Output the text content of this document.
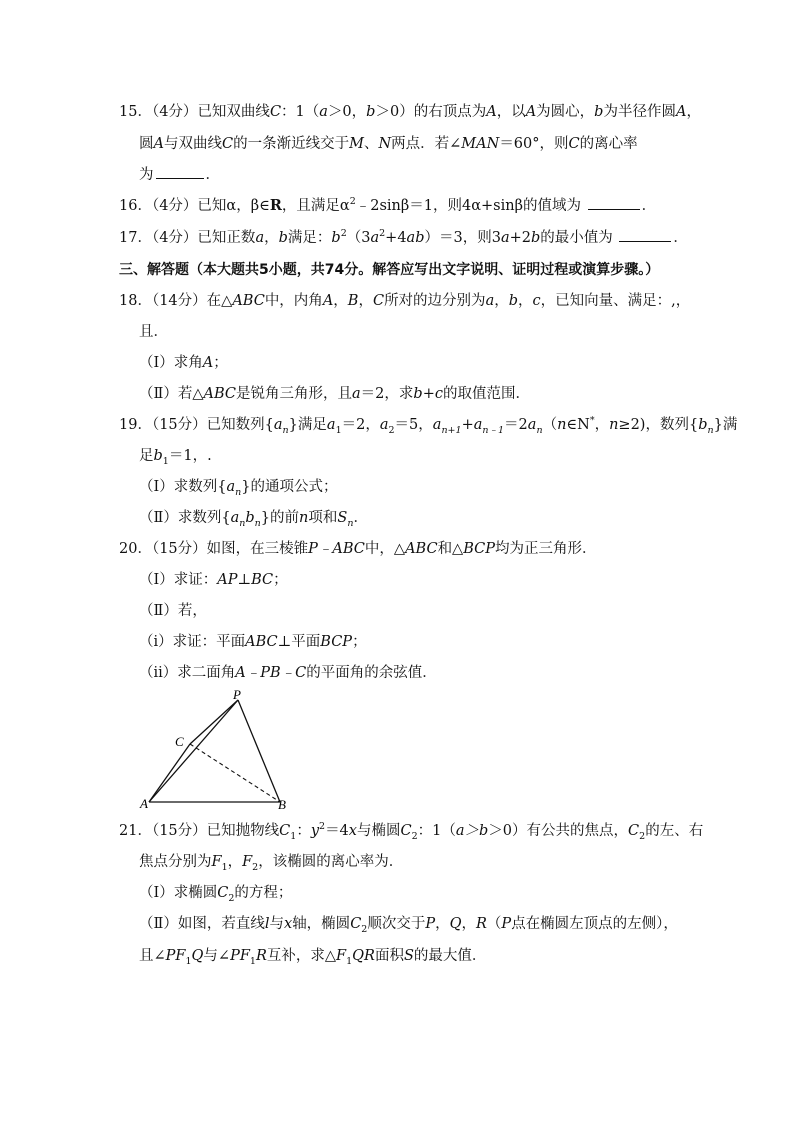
15．（4分）已知双曲线C：1（a＞0，b＞0）的右顶点为A，以A为圆心，b为半径作圆A，
圆A与双曲线C的一条渐近线交于M、N两点．若∠MAN＝60°，则C的离心率
为	．
16．（4分）已知α，β∈R，且满足$\alpha^2﹣2\sin\beta=1$，则4α+sinβ的值域为	．
17．（4分）已知正数a，b满足：$b^2(3a^2+4ab)=3$，则3a+2b的最小值为	．
三、解答题（本大题共5小题，共74分。解答应写出文字说明、证明过程或演算步骤。）
18．（14分）在△ABC中，内角A，B，C所对的边分别为a，b，c，已知向量、满足：,，
且．
（Ⅰ）求角A；
（Ⅱ）若△ABC是锐角三角形，且a＝2，求b+c的取值范围．
19．（15分）已知数列$\{a_n\}$满足$a_1=2$，$a_2=5$，$a_{n+1}+a_{n﹣1}=2a_n(n\in N^*$，n≥2)，数列$\{b_n\}$满
足$b_1=1$，.
（Ⅰ）求数列$\{a_n\}$的通项公式；
（Ⅱ）求数列$\{a_nb_n\}$的前n项和$S_n$．
20．（15分）如图，在三棱锥P﹣ABC中，△ABC和△BCP均为正三角形．
（Ⅰ）求证：AP⊥BC；
（Ⅱ）若，
（ⅰ）求证：平面ABC⊥平面BCP；
（ⅱ）求二面角A﹣PB﹣C的平面角的余弦值．
P
C
A	B
21．（15分）已知抛物线$C_1$：$y^2=4x$与椭圆$C_2$：1（a＞b＞0）有公共的焦点，$C_2$的左、右
焦点分别为$F_1$，$F_2$，该椭圆的离心率为．
（Ⅰ）求椭圆$C_2$的方程；
（Ⅱ）如图，若直线l与x轴，椭圆$C_2$顺次交于P，Q，R（P点在椭圆左顶点的左侧），
且$\angle PF_1Q$与$\angle PF_1R$互补，求$\triangle F_1QR$面积S的最大值．
